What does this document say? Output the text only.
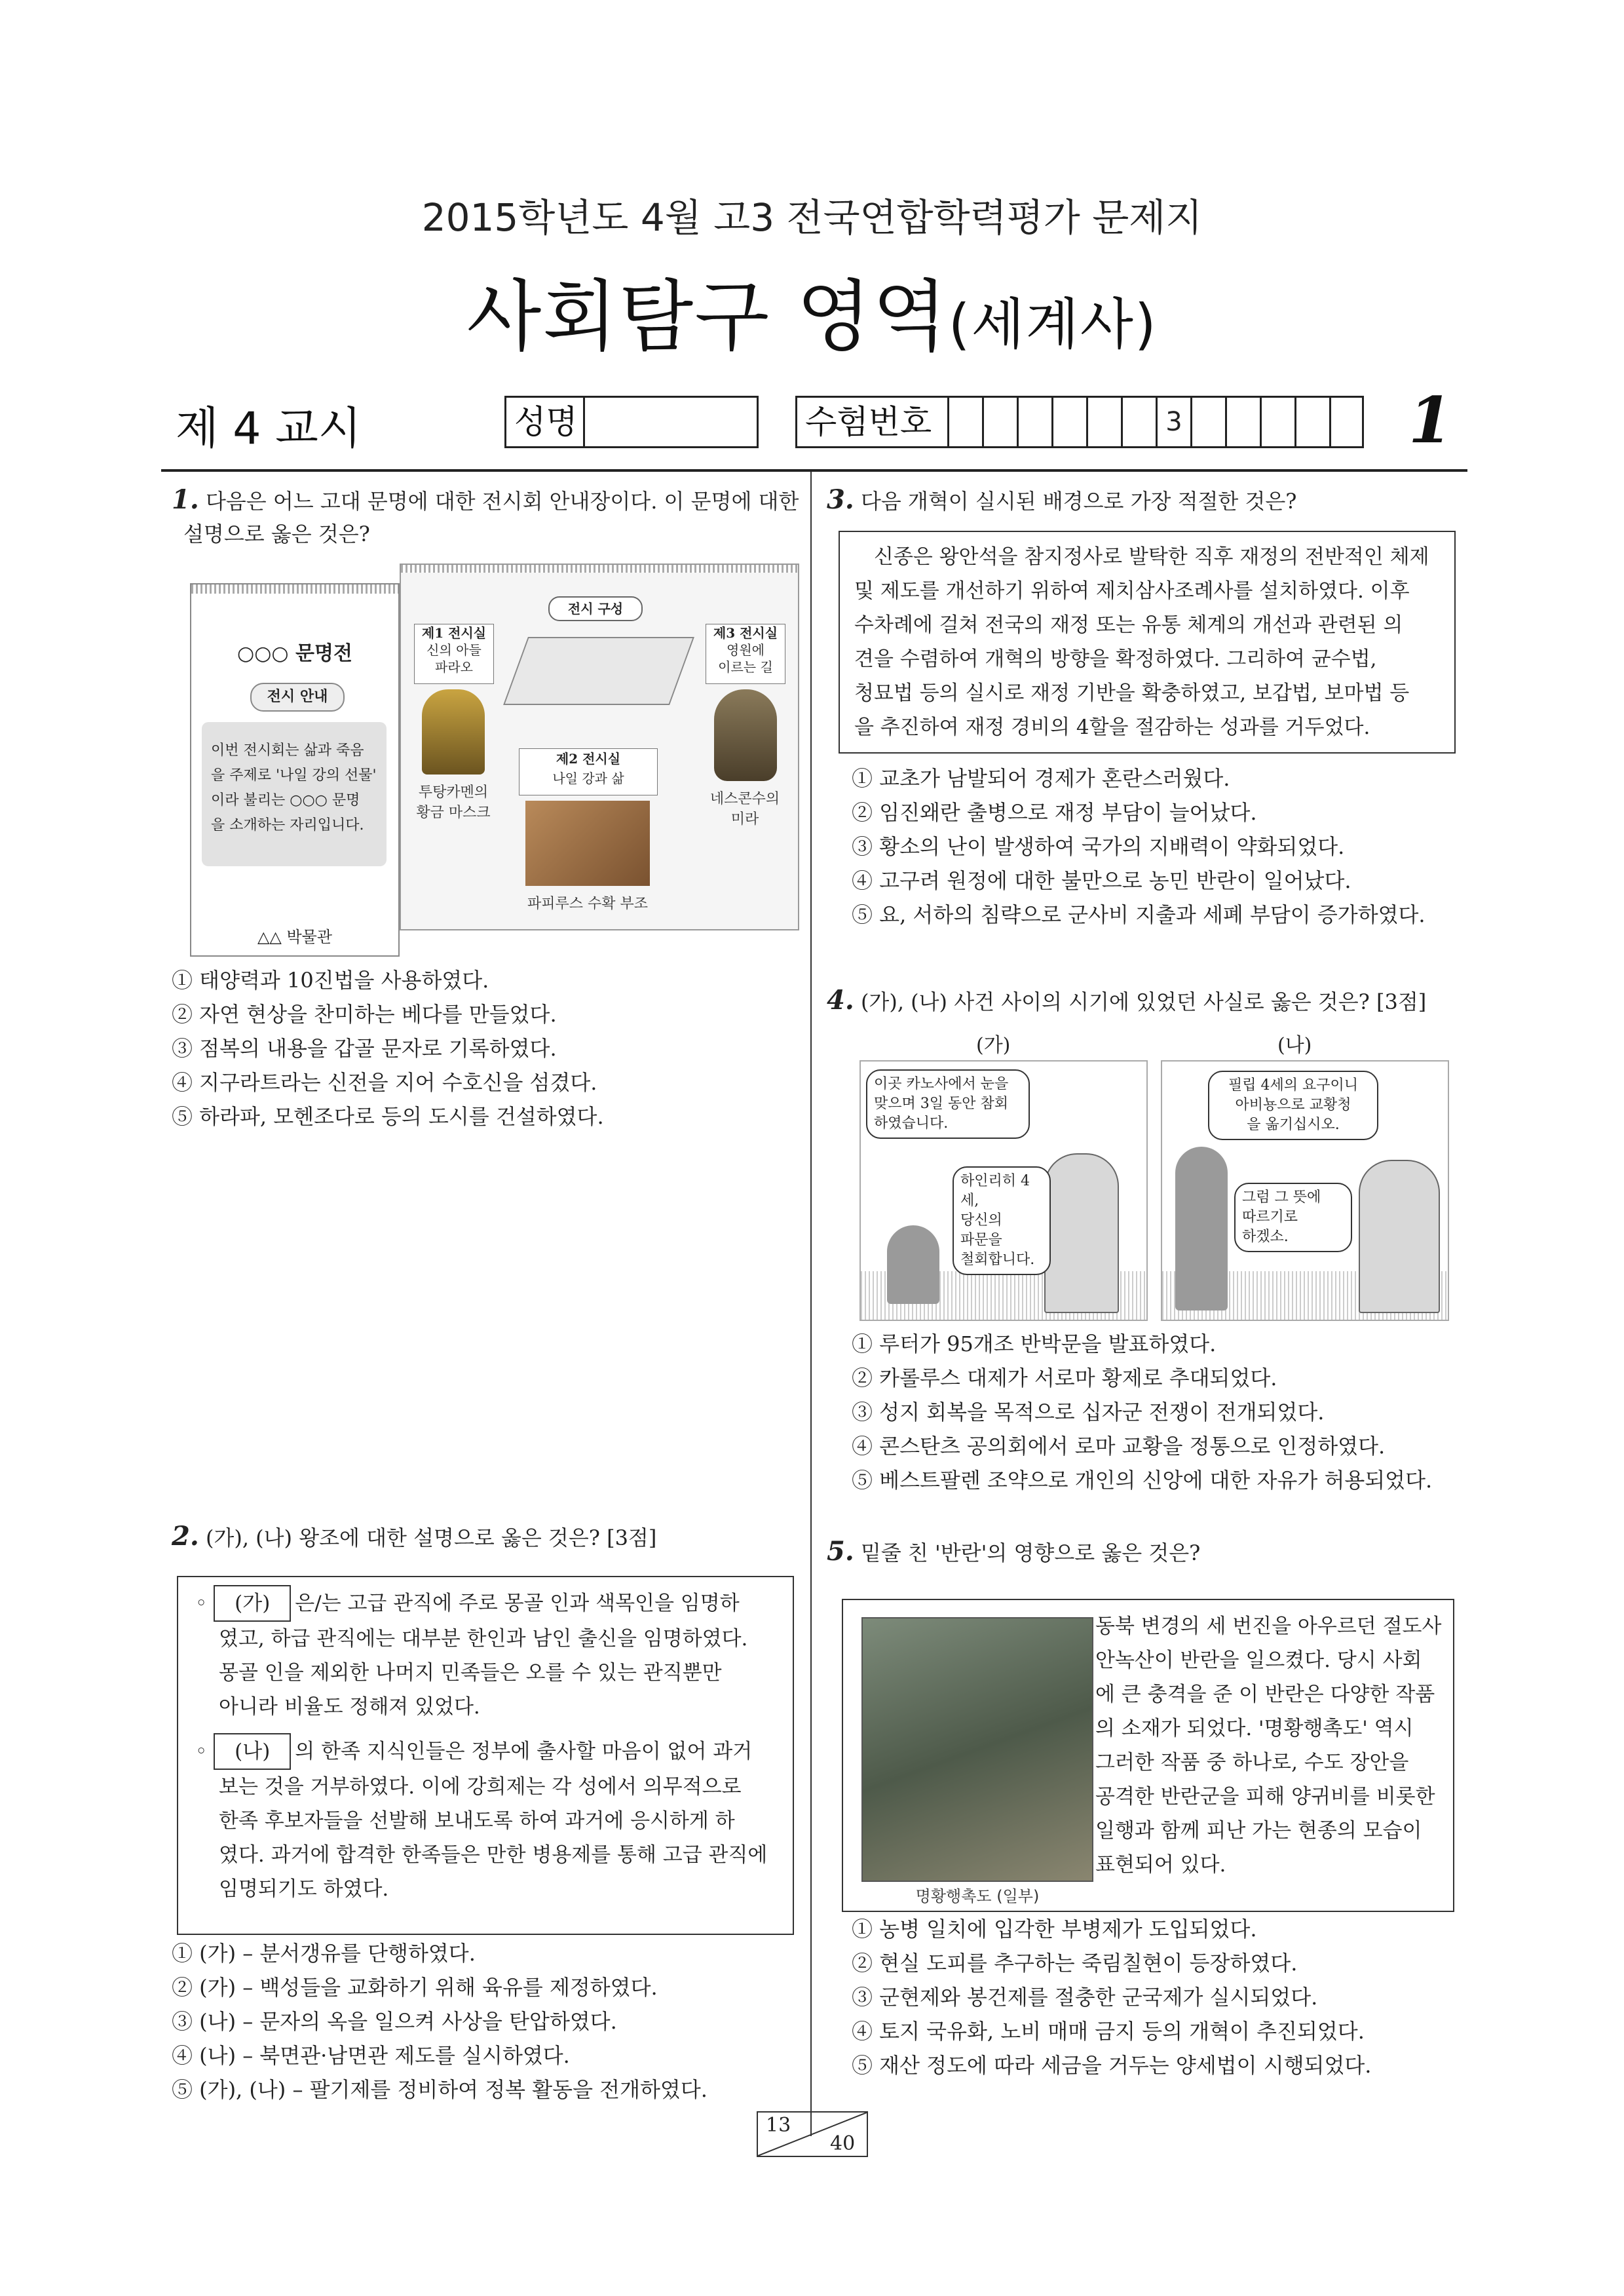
2015학년도 4월 고3 전국연합학력평가 문제지
사회탐구 영역(세계사)
제 4 교시	성명	수험번호	3	1
1. 다음은 어느 고대 문명에 대한 전시회 안내장이다. 이 문명에 대한
설명으로 옳은 것은?
○○○ 문명전
전시 안내
이번 전시회는 삶과 죽음
을 주제로 '나일 강의 선물'
이라 불리는 ○○○ 문명
을 소개하는 자리입니다.
△△ 박물관
전시 구성
제1 전시실
신의 아들
파라오
투탕카멘의
황금 마스크
제3 전시실
영원에
이르는 길
네스콘수의
미라
제2 전시실
나일 강과 삶
파피루스 수확 부조
① 태양력과 10진법을 사용하였다.
② 자연 현상을 찬미하는 베다를 만들었다.
③ 점복의 내용을 갑골 문자로 기록하였다.
④ 지구라트라는 신전을 지어 수호신을 섬겼다.
⑤ 하라파, 모헨조다로 등의 도시를 건설하였다.
2. (가), (나) 왕조에 대한 설명으로 옳은 것은? [3점]
◦ (가) 은/는 고급 관직에 주로 몽골 인과 색목인을 임명하
였고, 하급 관직에는 대부분 한인과 남인 출신을 임명하였다.
몽골 인을 제외한 나머지 민족들은 오를 수 있는 관직뿐만
아니라 비율도 정해져 있었다.
◦ (나) 의 한족 지식인들은 정부에 출사할 마음이 없어 과거
보는 것을 거부하였다. 이에 강희제는 각 성에서 의무적으로
한족 후보자들을 선발해 보내도록 하여 과거에 응시하게 하
였다. 과거에 합격한 한족들은 만한 병용제를 통해 고급 관직에
임명되기도 하였다.
① (가) – 분서갱유를 단행하였다.
② (가) – 백성들을 교화하기 위해 육유를 제정하였다.
③ (나) – 문자의 옥을 일으켜 사상을 탄압하였다.
④ (나) – 북면관·남면관 제도를 실시하였다.
⑤ (가), (나) – 팔기제를 정비하여 정복 활동을 전개하였다.
3. 다음 개혁이 실시된 배경으로 가장 적절한 것은?
신종은 왕안석을 참지정사로 발탁한 직후 재정의 전반적인 체제
및 제도를 개선하기 위하여 제치삼사조례사를 설치하였다. 이후
수차례에 걸쳐 전국의 재정 또는 유통 체계의 개선과 관련된 의
견을 수렴하여 개혁의 방향을 확정하였다. 그리하여 균수법,
청묘법 등의 실시로 재정 기반을 확충하였고, 보갑법, 보마법 등
을 추진하여 재정 경비의 4할을 절감하는 성과를 거두었다.
① 교초가 남발되어 경제가 혼란스러웠다.
② 임진왜란 출병으로 재정 부담이 늘어났다.
③ 황소의 난이 발생하여 국가의 지배력이 약화되었다.
④ 고구려 원정에 대한 불만으로 농민 반란이 일어났다.
⑤ 요, 서하의 침략으로 군사비 지출과 세폐 부담이 증가하였다.
4. (가), (나) 사건 사이의 시기에 있었던 사실로 옳은 것은? [3점]
(가)	(나)
이곳 카노사에서 눈을
맞으며 3일 동안 참회
하였습니다.
하인리히 4세,
당신의
파문을
철회합니다.
필립 4세의 요구이니
아비뇽으로 교황청
을 옮기십시오.
그럼 그 뜻에
따르기로
하겠소.
① 루터가 95개조 반박문을 발표하였다.
② 카롤루스 대제가 서로마 황제로 추대되었다.
③ 성지 회복을 목적으로 십자군 전쟁이 전개되었다.
④ 콘스탄츠 공의회에서 로마 교황을 정통으로 인정하였다.
⑤ 베스트팔렌 조약으로 개인의 신앙에 대한 자유가 허용되었다.
5. 밑줄 친 '반란'의 영향으로 옳은 것은?
명황행촉도 (일부)
동북 변경의 세 번진을 아우르던 절도사
안녹산이 반란을 일으켰다. 당시 사회
에 큰 충격을 준 이 반란은 다양한 작품
의 소재가 되었다. '명황행촉도' 역시
그러한 작품 중 하나로, 수도 장안을
공격한 반란군을 피해 양귀비를 비롯한
일행과 함께 피난 가는 현종의 모습이
표현되어 있다.
① 농병 일치에 입각한 부병제가 도입되었다.
② 현실 도피를 추구하는 죽림칠현이 등장하였다.
③ 군현제와 봉건제를 절충한 군국제가 실시되었다.
④ 토지 국유화, 노비 매매 금지 등의 개혁이 추진되었다.
⑤ 재산 정도에 따라 세금을 거두는 양세법이 시행되었다.
13
40
